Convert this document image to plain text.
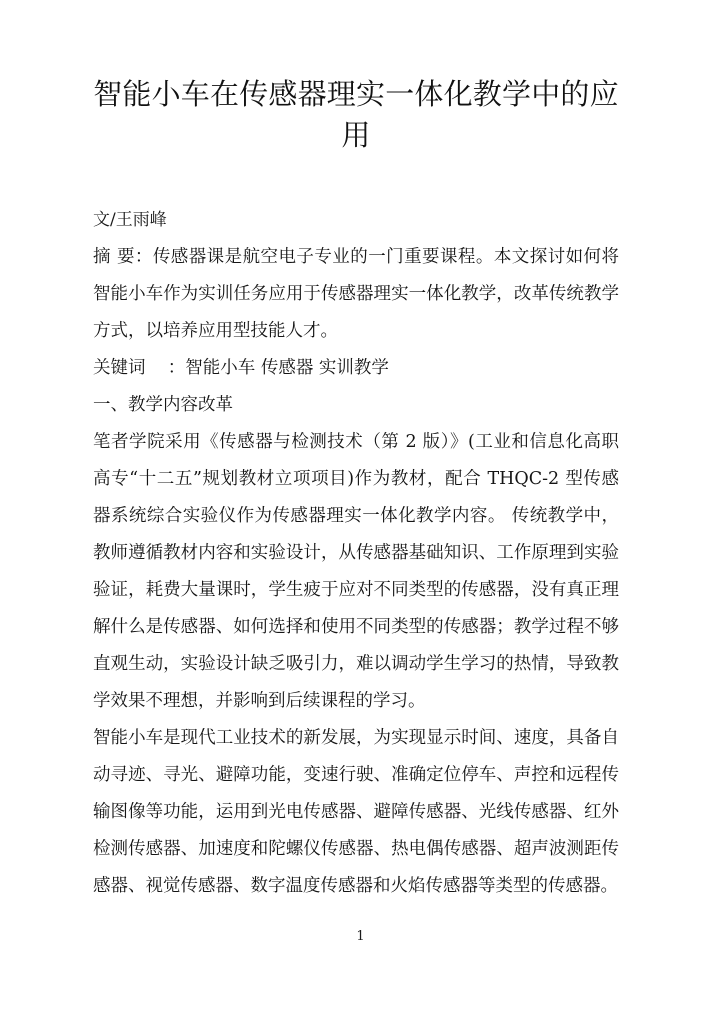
智能小车在传感器理实一体化教学中的应用
文/王雨峰

摘 要：传感器课是航空电子专业的一门重要课程。本文探讨如何将智能小车作为实训任务应用于传感器理实一体化教学，改革传统教学方式，以培养应用型技能人才。

关键词    ：智能小车 传感器 实训教学

一、教学内容改革

笔者学院采用《传感器与检测技术（第 2 版）》(工业和信息化高职高专“十二五”规划教材立项项目)作为教材，配合 THQC-2 型传感器系统综合实验仪作为传感器理实一体化教学内容。 传统教学中，教师遵循教材内容和实验设计，从传感器基础知识、工作原理到实验验证，耗费大量课时，学生疲于应对不同类型的传感器，没有真正理解什么是传感器、如何选择和使用不同类型的传感器；教学过程不够直观生动，实验设计缺乏吸引力，难以调动学生学习的热情，导致教学效果不理想，并影响到后续课程的学习。

智能小车是现代工业技术的新发展，为实现显示时间、速度，具备自动寻迹、寻光、避障功能，变速行驶、准确定位停车、声控和远程传输图像等功能，运用到光电传感器、避障传感器、光线传感器、红外检测传感器、加速度和陀螺仪传感器、热电偶传感器、超声波测距传感器、视觉传感器、数字温度传感器和火焰传感器等类型的传感器。

1
